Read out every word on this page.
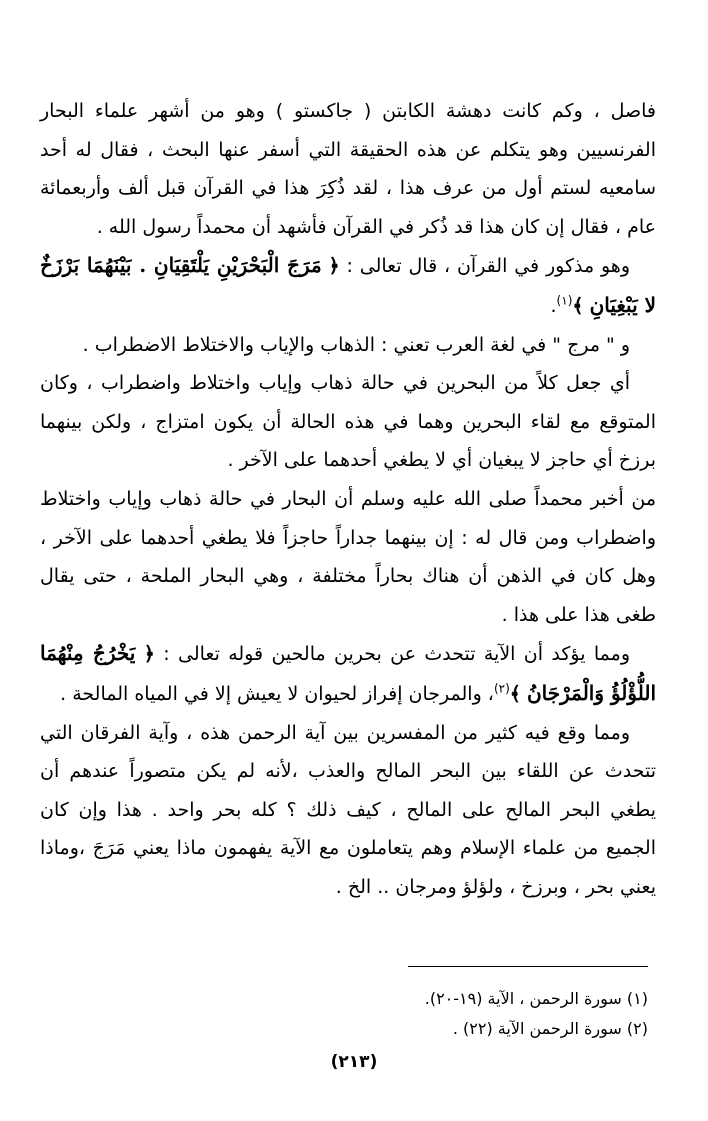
فاصل ، وكم كانت دهشة الكابتن ( جاكستو ) وهو من أشهر علماء البحار الفرنسيين وهو يتكلم عن هذه الحقيقة التي أسفر عنها البحث ، فقال له أحد سامعيه لستم أول من عرف هذا ، لقد ذُكِرَ هذا في القرآن قبل ألف وأربعمائة عام ، فقال إن كان هذا قد ذُكر في القرآن فأشهد أن محمداً رسول الله .

وهو مذكور في القرآن ، قال تعالى : ﴿ مَرَجَ الْبَحْرَيْنِ يَلْتَقِيَانِ . بَيْنَهُمَا بَرْزَخٌ لا يَبْغِيَانِ ﴾$^{(١)}$.

و " مرج " في لغة العرب تعني : الذهاب والإياب والاختلاط الاضطراب .

أي جعل كلاً من البحرين في حالة ذهاب وإياب واختلاط واضطراب ، وكان المتوقع مع لقاء البحرين وهما في هذه الحالة أن يكون امتزاج ، ولكن بينهما برزخ أي حاجز لا يبغيان أي لا يطغي أحدهما على الآخر .

من أخبر محمداً صلى الله عليه وسلم أن البحار في حالة ذهاب وإياب واختلاط واضطراب ومن قال له : إن بينهما جداراً حاجزاً فلا يطغي أحدهما على الآخر ، وهل كان في الذهن أن هناك بحاراً مختلفة ، وهي البحار الملحة ، حتى يقال طغى هذا على هذا .

ومما يؤكد أن الآية تتحدث عن بحرين مالحين قوله تعالى : ﴿ يَخْرُجُ مِنْهُمَا اللُّؤْلُؤُ وَالْمَرْجَانُ ﴾$^{(٢)}$، والمرجان إفراز لحيوان لا يعيش إلا في المياه المالحة .

ومما وقع فيه كثير من المفسرين بين آية الرحمن هذه ، وآية الفرقان التي تتحدث عن اللقاء بين البحر المالح والعذب ،لأنه لم يكن متصوراً عندهم أن يطغي البحر المالح على المالح ، كيف ذلك ؟ كله بحر واحد . هذا وإن كان الجميع من علماء الإسلام وهم يتعاملون مع الآية يفهمون ماذا يعني مَرَجَ ،وماذا يعني بحر ، وبرزخ ، ولؤلؤ ومرجان .. الخ .

(١) سورة الرحمن ، الآية (١٩-٢٠).

(٢) سورة الرحمن الآية (٢٢) .

(٢١٣)
